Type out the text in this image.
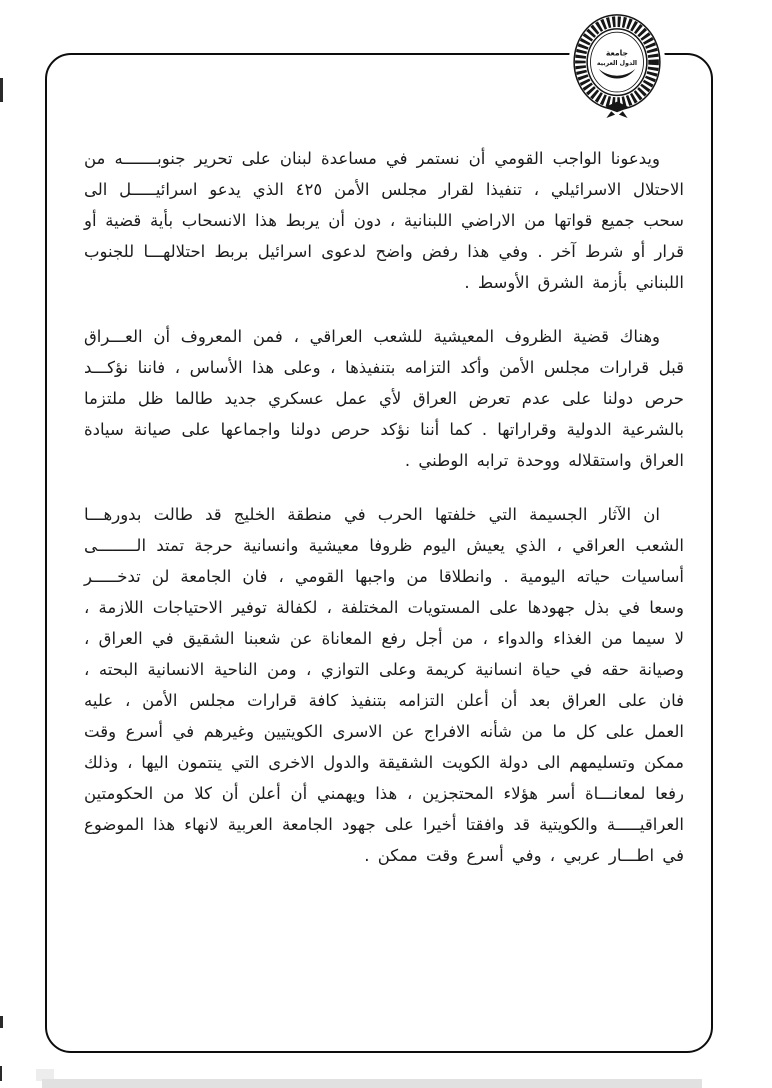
جامعة
الدول العربية

ويدعونا الواجب القومي أن نستمر في مساعدة لبنان على تحرير جنوبـــــــه من الاحتلال الاسرائيلي ، تنفيذا لقرار مجلس الأمن ٤٢٥ الذي يدعو اسرائيـــــل الى سحب جميع قواتها من الاراضي اللبنانية ، دون أن يربط هذا الانسحاب بأية قضية أو قرار أو شرط آخر . وفي هذا رفض واضح لدعوى اسرائيل بربط احتلالهـــا للجنوب اللبناني بأزمة الشرق الأوسط .

وهناك قضية الظروف المعيشية للشعب العراقي ، فمن المعروف أن العـــراق قبل قرارات مجلس الأمن وأكد التزامه بتنفيذها ، وعلى هذا الأساس ، فاننا نؤكـــد حرص دولنا على عدم تعرض العراق لأي عمل عسكري جديد طالما ظل ملتزما بالشرعية الدولية وقراراتها . كما أننا نؤكد حرص دولنا واجماعها على صيانة سيادة العراق واستقلاله ووحدة ترابه الوطني .

ان الآثار الجسيمة التي خلفتها الحرب في منطقة الخليج قد طالت بدورهـــا الشعب العراقي ، الذي يعيش اليوم ظروفا معيشية وانسانية حرجة تمتد الــــــــى أساسيات حياته اليومية . وانطلاقا من واجبها القومي ، فان الجامعة لن تدخـــــر وسعا في بذل جهودها على المستويات المختلفة ، لكفالة توفير الاحتياجات اللازمة ، لا سيما من الغذاء والدواء ، من أجل رفع المعاناة عن شعبنا الشقيق في العراق ، وصيانة حقه في حياة انسانية كريمة وعلى التوازي ، ومن الناحية الانسانية البحته ، فان على العراق بعد أن أعلن التزامه بتنفيذ كافة قرارات مجلس الأمن ، عليه العمل على كل ما من شأنه الافراج عن الاسرى الكويتيين وغيرهم في أسرع وقت ممكن وتسليمهم الى دولة الكويت الشقيقة والدول الاخرى التي ينتمون اليها ، وذلك رفعا لمعانـــاة أسر هؤلاء المحتجزين ، هذا ويهمني أن أعلن أن كلا من الحكومتين العراقيـــــة والكويتية قد وافقتا أخيرا على جهود الجامعة العربية لانهاء هذا الموضوع في اطـــار عربي ، وفي أسرع وقت ممكن .
